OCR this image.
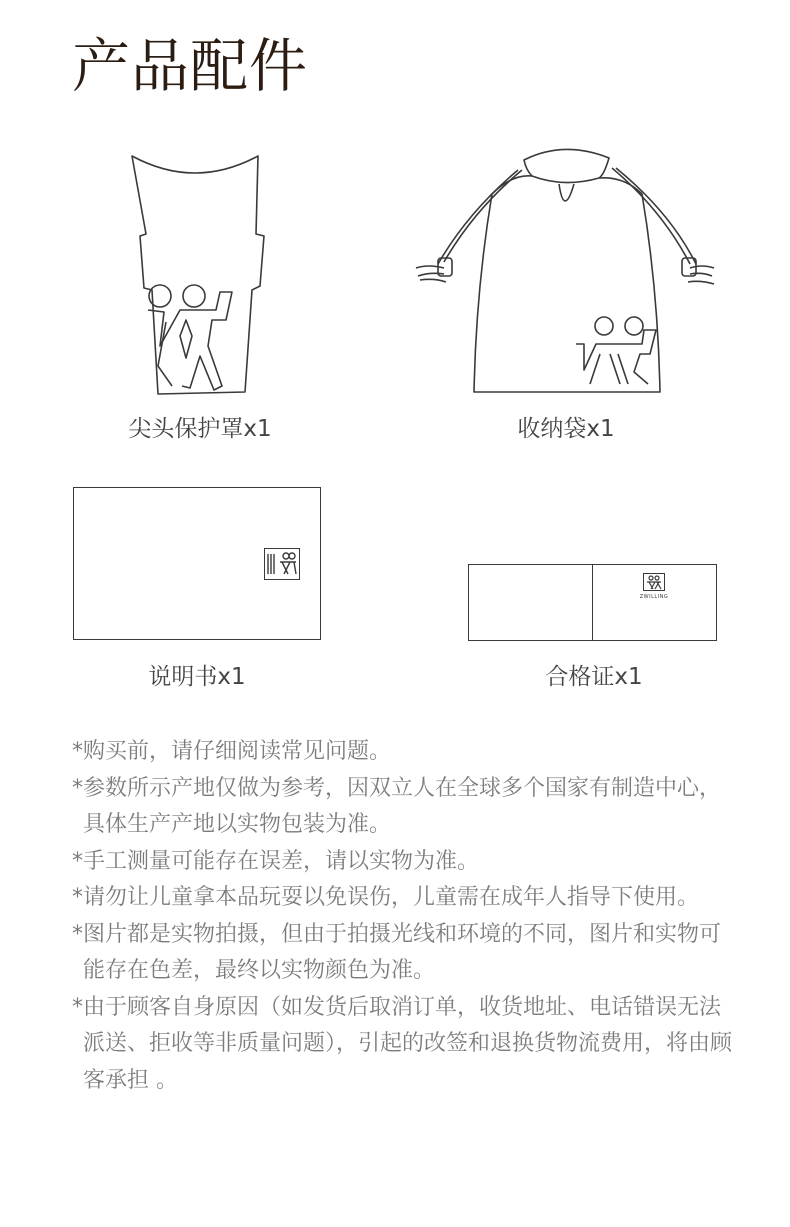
产品配件
尖头保护罩x1	收纳袋x1
说明书x1
ZWILLING
合格证x1

*购买前，请仔细阅读常见问题。

*参数所示产地仅做为参考，因双立人在全球多个国家有制造中心，具体生产产地以实物包装为准。

*手工测量可能存在误差，请以实物为准。

*请勿让儿童拿本品玩耍以免误伤，儿童需在成年人指导下使用。

*图片都是实物拍摄，但由于拍摄光线和环境的不同，图片和实物可能存在色差，最终以实物颜色为准。

*由于顾客自身原因（如发货后取消订单，收货地址、电话错误无法派送、拒收等非质量问题），引起的改签和退换货物流费用，将由顾客承担 。
